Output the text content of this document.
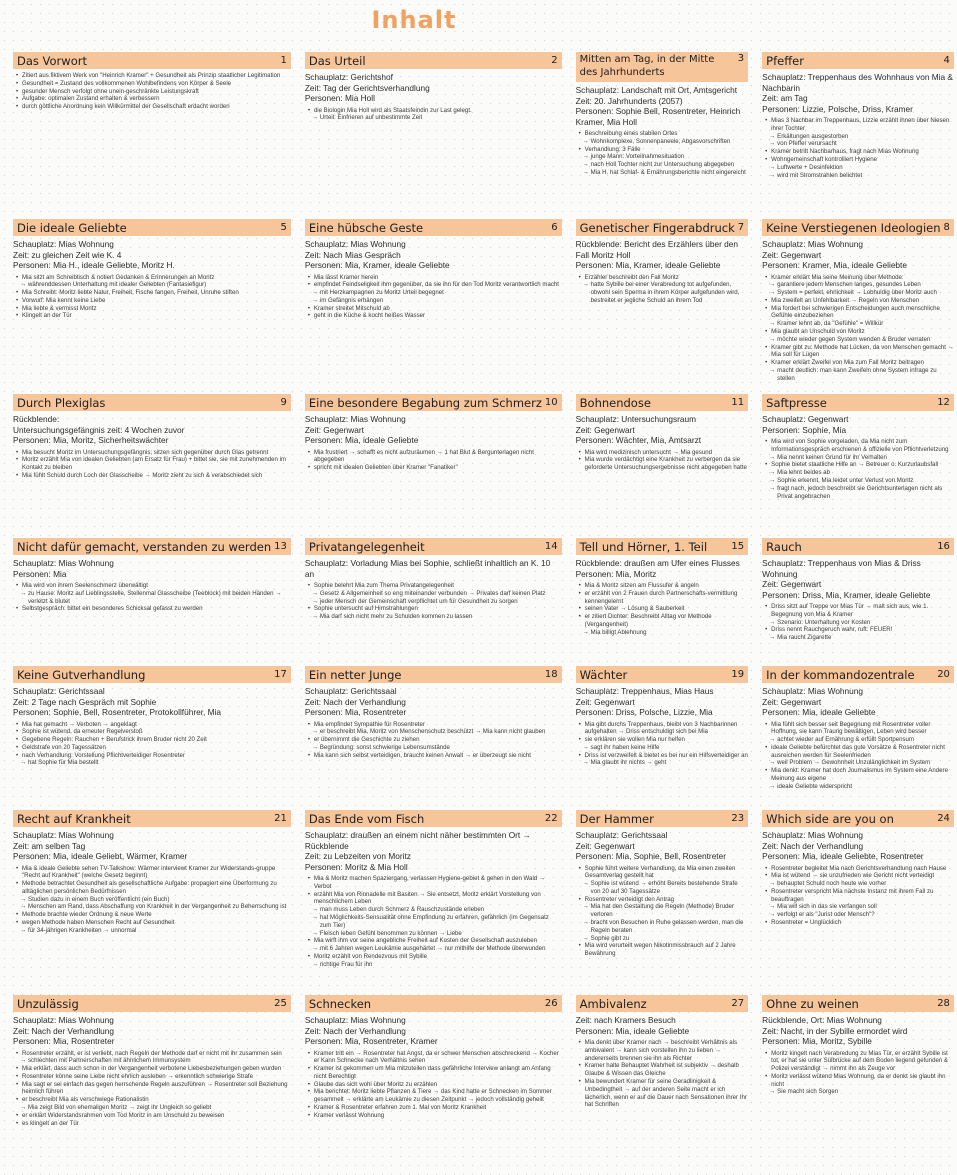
Inhalt
Das Vorwort	1
• Zitiert aus fiktivem Werk von "Heinrich Kramer" + Gesundheit als Prinzip staatlicher Legitimation
• Gesundheit = Zustand des vollkommenen Wohlbefindens von Körper & Seele
• gesunder Mensch verfolgt ohne unein-geschränkte Leistungskraft
• Aufgabe: optimalen Zustand erhalten & verbessern
• durch göttliche Anordnung kein Willkürmittel der Gesellschaft erdacht worden
Das Urteil	2
Schauplatz: Gerichtshof
Zeit: Tag der Gerichtsverhandlung
Personen: Mia Holl
• die Biologin Mia Holl wird als Staatsfeindin zur Last gelegt.
→ Urteil: Einfrieren auf unbestimmte Zeit
Mitten am Tag, in der Mitte des Jahrhunderts
3
Schauplatz: Landschaft mit Ort, Amtsgericht
Zeit: 20. Jahrhunderts (2057)
Personen: Sophie Bell, Rosentreter, Heinrich Kramer, Mia Holl
• Beschreibung eines stabilen Ortes
→ Wohnkomplexe, Sonnenpaneele, Abgasvorschriften
• Verhandlung: 3 Fälle
→ junge Mann: Vorteilnahmesituation
→ nach Holl Tochter nicht zur Untersuchung abgegeben
→ Mia H. hat Schlaf- & Ernährungsberichte nicht eingereicht
Pfeffer	4
Schauplatz: Treppenhaus des Wohnhaus von Mia & Nachbarin
Zeit: am Tag
Personen: Lizzie, Polsche, Driss, Kramer
• Mias 3 Nachbar im Treppenhaus, Lizzie erzählt ihnen über Niesen ihrer Tochter
→ Erkältungen ausgestorben
→ von Pfeffer verursacht
• Kramer betritt Nachbarhaus, fragt nach Mias Wohnung
• Wohngemeinschaft kontrolliert Hygiene
→ Luftwerte + Desinfektion
→ wird mit Stromstrahlen belichtet
Die ideale Geliebte	5
Schauplatz: Mias Wohnung
Zeit: zu gleichen Zeit wie K. 4
Personen: Mia H., ideale Geliebte, Moritz H.
• Mia sitzt am Schreibtisch & notiert Gedanken & Erinnerungen an Moritz
→ währenddessen Unterhaltung mit idealer Geliebten (Fantasiefigur)
• Mia Schreibt: Moritz liebte Natur, Freiheit, Fische fangen, Freiheit, Unruhe stiften
• Vorwurf: Mia kennt keine Liebe
• Mia liebte & vermisst Moritz
• Klingelt an der Tür
Eine hübsche Geste	6
Schauplatz: Mias Wohnung
Zeit: Nach Mias Gespräch
Personen: Mia, Kramer, ideale Geliebte
• Mia lässt Kramer herein
• empfindet Feindseligkeit ihm gegenüber, da sie ihn für den Tod Moritz verantwortlich macht
→ mit Herzkampagnen zu Moritz Urteil begegnet
→ im Gefängnis erhängen
• Kramer streitet Mitschuld ab
• geht in die Küche & kocht heißes Wasser
Genetischer Fingerabdruck 7
Rückblende: Bericht des Erzählers über den Fall Moritz Holl
Personen: Mia, Kramer, ideale Geliebte
• Erzähler beschreibt den Fall Moritz
→ hatte Sybille bei einer Verabredung tot aufgefunden, obwohl sein Sperma in ihrem Körper aufgefunden wird, bestreitet er jegliche Schuld an ihrem Tod
Keine Verstiegenen Ideologien 8
Schauplatz: Mias Wohnung
Zeit: Gegenwart
Personen: Kramer, Mia, ideale Geliebte
• Kramer erklärt Mia seine Meinung über Methode:
→ garantiere jedem Menschen langes, gesundes Leben
→ System = perfekt, ehrlichkeit → Lobhuldig über Moritz auch
• Mia zweifelt an Unfehlbarkeit → Regeln von Menschen
• Mia fordert bei schwierigen Entscheidungen auch menschliche Gefühle einzubeziehen
→ Kramer lehnt ab, da "Gefühle" = Willkür
• Mia glaubt an Unschuld von Moritz
→ möchte wieder gegen System wenden & Bruder verraten
• Kramer gibt zu: Methode hat Lücken, da von Menschen gemacht → Mia soll für Lügen
• Kramer erklärt Zweifel von Mia zum Fall Moritz beitragen
→ macht deutlich: man kann Zweifeln ohne System infrage zu stellen
Durch Plexiglas	9
Rückblende:
Untersuchungsgefängnis zeit: 4 Wochen zuvor
Personen: Mia, Moritz, Sicherheitswächter
• Mia besucht Moritz im Untersuchungsgefängnis; sitzen sich gegenüber durch Glas getrennt
• Moritz erzählt Mia von idealen Geliebten (am Ersatz für Frau) + bittet sie, sie mit zunehmenden im Kontakt zu bleiben
• Mia fühlt Schuld durch Loch der Glasscheibe → Moritz zieht zu sich & verabschiedet sich
Eine besondere Begabung zum Schmerz 10
Schauplatz: Mias Wohnung
Zeit: Gegenwart
Personen: Mia, ideale Geliebte
• Mia frustriert → schafft es nicht aufzuräumen → 1 hat Blut & Bergunterlagen nicht abgegeben
• spricht mit idealen Geliebten über Kramer "Fanatiker"
Bohnendose	11
Schauplatz: Untersuchungsraum
Zeit: Gegenwart
Personen: Wächter, Mia, Amtsarzt
• Mia wird medizinisch untersucht → Mia gesund
• Mia wurde verdächtigt eine Krankheit zu verbergen da sie geforderte Untersuchungsergebnisse nicht abgegeben hatte
Saftpresse	12
Schauplatz: Gegenwart
Personen: Sophie, Mia
• Mia wird von Sophie vorgeladen, da Mia nicht zum Informationsgespräch erschienen & offizielle von Pflichtverletzung
→ Mia nennt keinen Grund für ihr Verhalten
• Sophie bietet staatliche Hilfe an → Betreuer o. Kurzurlaubsfall
→ Mia lehnt beides ab
→ Sophie erkennt, Mia leidet unter Verlust von Moritz
→ fragt nach, jedoch beschreibt sie Gerichtsunterlagen nicht als Privat angebrachen
Nicht dafür gemacht, verstanden zu werden 13
Schauplatz: Mias Wohnung
Personen: Mia
• Mia wird von ihrem Seelenschmerz überwältigt
→ zu Hause: Moritz auf Lieblingsstelle, Stellenmal Glasscheibe (Teeblock) mit beiden Händen → verletzt & blutet
• Selbstgespräch: bittet ein besonderes Schicksal gefasst zu werden
Privatangelegenheit	14
Schauplatz: Vorladung Mias bei Sophie, schließt inhaltlich an K. 10 an
• Sophie belehrt Mia zum Thema Privatangelegenheit
→ Gesetz & Allgemeinheit so eng miteinander verbunden → Privates darf keinen Platz
→ jeder Mensch der Gemeinschaft verpflichtet um für Gesundheit zu sorgen
• Sophie untersucht auf Hirnstrahlungen
→ Mia darf sich nicht mehr zu Schulden kommen zu lassen
Tell und Hörner, 1. Teil 15
Rückblende: draußen am Ufer eines Flusses
Personen: Mia, Moritz
• Mia & Moritz sitzen am Flussufer & angeln
• er erzählt von 2 Frauen durch Partnerschafts-vermittlung kennengelernt
• seinen Vater → Lösung & Sauberkeit
• er zitiert Dichter: Beschreibt Alltag vor Methode (Vergangenheit)
→ Mia billigt Ablehnung
Rauch	16
Schauplatz: Treppenhaus von Mias & Driss Wohnung
Zeit: Gegenwart
Personen: Driss, Mia, Kramer, ideale Geliebte
• Driss sitzt auf Treppe vor Mias Tür → malt sich aus, wie 1. Begegnung von Mia & Kramer
→ Szenario: Unterhaltung vor Kosten
• Driss nennt Rauchgeruch wahr, ruft: FEUER!
→ Mia raucht Zigarette
Keine Gutverhandlung	17
Schauplatz: Gerichtssaal
Zeit: 2 Tage nach Gespräch mit Sophie
Personen: Sophie, Bell, Rosentreter, Protokollführer, Mia
• Mia hat gemacht → Verboten → angeklagt
• Sophie ist wütend, da erneuter Regelverstoß
• Gegebene Regeln: Rauchen + Berufstrick ihrem Bruder nicht 20 Zeit
• Geldstrafe von 20 Tagessätzen
• nach Verhandlung: Vorstellung Pflichtverteidiger Rosentreter
→ hat Sophie für Mia bestellt
Ein netter Junge	18
Schauplatz: Gerichtssaal
Zeit: Nach der Verhandlung
Personen: Mia, Rosentreter
• Mia empfindet Sympathie für Rosentreter
→ er beschreibt Mia, Moritz von Menschenschutz beschützt → Mia kann nicht glauben
• er übernimmt die Geschichte zu ziehen
→ Begründung: sonst schwierige Lebensumstände
• Mia kann sich selbst verteidigen, braucht keinen Anwalt → er überzeugt sie nicht
Wächter	19
Schauplatz: Treppenhaus, Mias Haus
Zeit: Gegenwart
Personen: Driss, Polsche, Lizzie, Mia
• Mia gibt durchs Treppenhaus, bleibt von 3 Nachbarinnen aufgehalten → Driss entschuldigt sich bei Mia
• sie erklären sie wollen Mia nur helfen
→ sagt ihr haben keine Hilfe
• Driss ist verzweifelt & bietet es bei nur ein Hilfsverteidiger an
→ Mia glaubt ihr nichts → geht
In der kommandozentrale 20
Schauplatz: Mias Wohnung
Zeit: Gegenwart
Personen: Mia, ideale Geliebte
• Mia fühlt sich besser seit Begegnung mit Rosentreter voller Hoffnung, sie kann Traurig bewältigen, Leben wird besser
→ achtet wieder auf Ernährung & erfüllt Sportpensum
• ideale Geliebte befürchtet das gute Vorsätze & Rosentreter nicht ausreichen werden für Seelenfrieden
→ weil Problem → Gewohnheit Unzulänglichkeit im System
• Mia denkt: Kramer hat doch Journalismus im System eine Andere Meinung aus eigene
→ ideale Geliebte widerspricht
Recht auf Krankheit	21
Schauplatz: Mias Wohnung
Zeit: am selben Tag
Personen: Mia, ideale Geliebt, Wärmer, Kramer
• Mia & ideale Geliebte sehen TV-Talkshow: Wärmer interviewt Kramer zur Widerstands-gruppe "Recht auf Krankheit" (welche Gesetz beginnt)
• Methode betrachtet Gesundheit als gesellschaftliche Aufgabe: propagiert eine Überformung zu alltäglichen persönlichen Bedürfnissen
→ Studien dazu in einem Buch veröffentlicht (ein Buch)
→ Menschen am Rand, dass Abschaffung von Krankheit in der Vergangenheit zu Beherrschung ist
• Methode brachte wieder Ordnung & neue Werte
• wegen Methode haben Menschen Recht auf Gesundheit
→ für 34-jährigen Krankheiten → unnormal
Das Ende vom Fisch	22
Schauplatz: draußen an einem nicht näher bestimmten Ort → Rückblende
Zeit: zu Lebzeiten von Moritz
Personen: Moritz & Mia Holl
• Mia & Moritz machen Spaziergang, verlassen Hygiene-gebiet & gehen in den Wald → Verbot
• erzählt Mia von Rinnadelle mit Basiten → Sie entsetzt, Moritz erklärt Vorstellung von menschlichem Leben
→ man muss Leben durch Schmerz & Rauschzustände erleben
→ hat Möglichkeits-Sensualität ohne Empfindung zu erfahren, gefährlich (im Gegensatz zum Tier)
→ Fleisch leben Gefühl benommen zu können → Liebe
• Mia wirft ihm vor seine angebliche Freiheit auf Kosten der Gesellschaft auszuleben
→ mit 6 Jahren wegen Leukämie ausgehärtet → nur mithilfe der Methode überwunden
• Moritz erzählt von Rendezvous mit Sybille
→ richtige Frau für ihn
Der Hammer	23
Schauplatz: Gerichtssaal
Zeit: Gegenwart
Personen: Mia, Sophie, Bell, Rosentreter
• Sophie führt weitere Verhandlung, da Mia einen zweiten Gesamtverlag gestellt hat
→ Sophie ist wütend → erhöht Bereits bestehende Strafe von 20 auf 30 Tagessätze
• Rosentreter verteidigt den Antrag
→ Mia hat den Gestaltung die Regeln (Methode) Bruder verloren
→ bracht von Besuchen in Ruhe gelassen werden, man die Regeln beraten
→ Sophie gibt zu
• Mia wird verurteilt wegen Nikotinmissbrauch auf 2 Jahre Bewährung
Which side are you on	24
Schauplatz: Mias Wohnung
Zeit: Nach der Verhandlung
Personen: Mia, ideale Geliebte, Rosentreter
• Rosentreter begleitet Mia nach Gerichtsverhandlung nach Hause
• Mia ist wütend → sie unzufrieden wie Gericht nicht verteidigt
→ behauptet Schuld noch heute wie vorher
• Rosentreter verspricht Mia nächste Instanz mit ihrem Fall zu beauftragen
→ Mia will sich in das sie verfangen soll
→ verfolgt er als "Jurist oder Mensch"?
• Rosentreter = Unglücklich
Unzulässig	25
Schauplatz: Mias Wohnung
Zeit: Nach der Verhandlung
Personen: Mia, Rosentreter
• Rosentreter erzählt, er ist verliebt, nach Regeln der Methode darf er nicht mit ihr zusammen sein
→ schlechten mit Partnerschaften mit ähnlichem Immunsystem
• Mia erklärt, dass auch schon in der Vergangenheit verbotene Liebesbeziehungen geben wurden
• Rosentreter könne seine Liebe nicht ehrlich ausleben → erkenntlich schwierige Strafe
• Mia sagt er sei einfach das gegen herrschende Regeln auszuführen → Rosentreter soll Beziehung heimlich führen
• er beschreibt Mia als verschwiege Rationalistin
→ Mia zeigt Bild von ehemaligen Moritz → zeigt ihr Ungleich so geliebt
• er erklärt Widerstandsrahmen vom Tod Moritz in am Unschuld zu beweisen
• es klingelt an der Tür
Schnecken	26
Schauplatz: Mias Wohnung
Zeit: Nach der Verhandlung
Personen: Mia, Rosentreter, Kramer
• Kramer tritt ein → Rosentreter hat Angst, da er schwer Menschen abschreckend → Kocher er Kann Schnecke nach Verhältnis sehen
• Kramer ist gekommen um Mia mitzuteilen dass gefährliche Interview anlangt am Anfang nicht Berechtigt
• Glaube das sich wohl über Moritz zu erzählen
• Mia berichtet: Moritz liebte Pflanzen & Tiere → das Kind hatte er Schnecken im Sommer gesammelt → erklärte am Leukämie zu diesen Zeitpunkt → jedoch vollständig geheilt
• Kramer & Rosentreter erfahren zum 1. Mal von Moritz Krankheit
• Kramer verlässt Wohnung
Ambivalenz	27
Zeit: nach Kramers Besuch
Personen: Mia, ideale Geliebte
• Mia denkt über Kramer nach → beschreibt Verhältnis als ambivalent → kann sich vorstellen ihn zu lieben → andererseits brennen sie ihn als Richter
• Kramer halte Behauptet Wahrheit ist subjektiv → deshalb Glaube & Wissen das Gleiche
• Mia bewundert Kramer für seine Geradlinigkeit & Unbedingtheit → auf der anderen Seite macht er ich lächerlich, wenn er auf die Dauer nach Sensationen ihrer Ihr hat Schriften
Ohne zu weinen	28
Rückblende, Ort: Mias Wohnung
Zeit: Nacht, in der Sybille ermordet wird
Personen: Mia, Moritz, Sybille
• Moritz kingelt nach Verabredung zu Mias Tür, er erzählt Sybille ist tot, er hat sie unter Sülbrücke auf dem Boden liegend gefunden & Polizei verständigt → nimmt ihn als Zeuge vor
• Moritz verlässt wütend Mias Wohnung, da er denkt sie glaubt ihn nicht
→ Sie macht sich Sorgen
